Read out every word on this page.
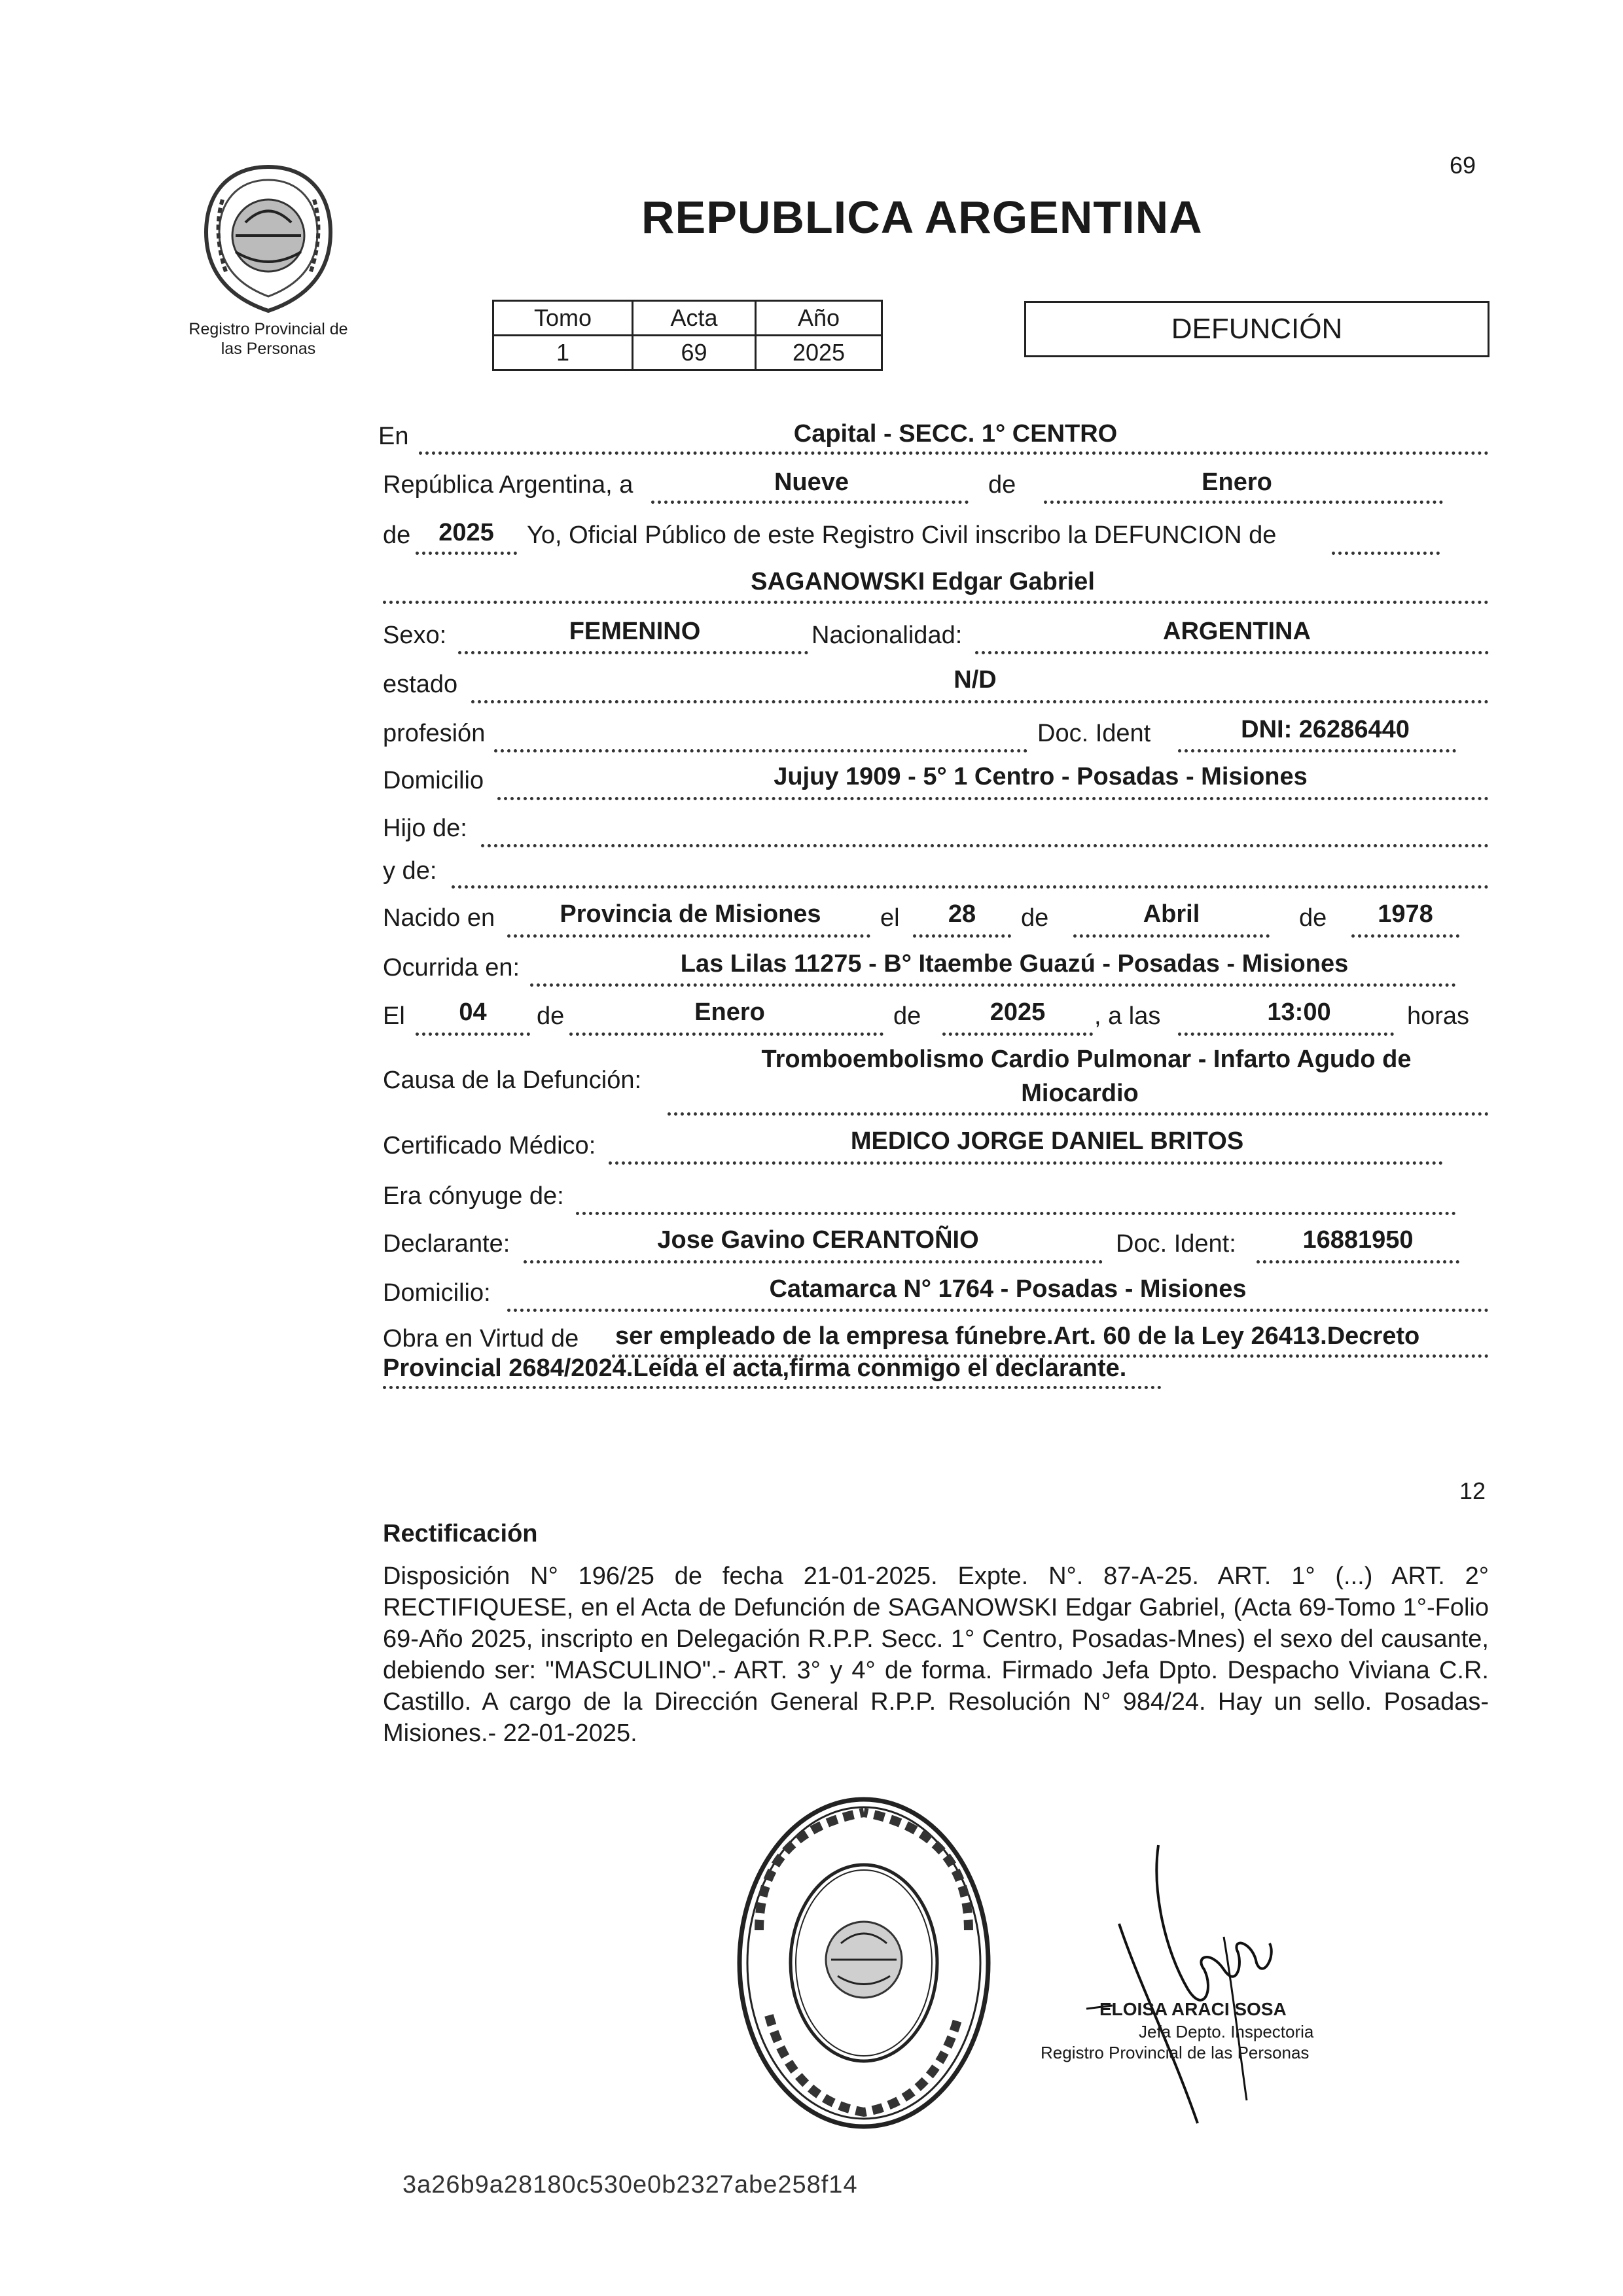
Registro Provincial de
las Personas
69
REPUBLICA ARGENTINA
Tomo	Acta	Año
1	69	2025
DEFUNCIÓN
En	Capital - SECC. 1° CENTRO
República Argentina, a	Nueve	de	Enero
de	2025	Yo, Oficial Público de este Registro Civil inscribo la DEFUNCION de
SAGANOWSKI Edgar Gabriel
Sexo:	FEMENINO	Nacionalidad:	ARGENTINA
estado	N/D
profesión	Doc. Ident	DNI: 26286440
Domicilio	Jujuy 1909 - 5° 1 Centro - Posadas - Misiones
Hijo de:
y de:
Nacido en	Provincia de Misiones	el	28	de	Abril	de	1978
Ocurrida en:	Las Lilas 11275 - B° Itaembe Guazú - Posadas - Misiones
El	04	de	Enero	de	2025	, a las	13:00	horas
Causa de la Defunción:
Tromboembolismo Cardio Pulmonar - Infarto Agudo de
Miocardio
Certificado Médico:	MEDICO JORGE DANIEL BRITOS
Era cónyuge de:
Declarante:	Jose Gavino CERANTOÑIO	Doc. Ident:	16881950
Domicilio:	Catamarca N° 1764 - Posadas - Misiones
Obra en Virtud de ser empleado de la empresa fúnebre.Art. 60 de la Ley 26413.Decreto
Provincial 2684/2024.Leída el acta,firma conmigo el declarante.
12
Rectificación
Disposición N° 196/25 de fecha 21-01-2025. Expte. N°. 87-A-25. ART. 1° (...) ART. 2° RECTIFIQUESE, en el Acta de Defunción de SAGANOWSKI Edgar Gabriel, (Acta 69-Tomo 1°-Folio 69-Año 2025, inscripto en Delegación R.P.P. Secc. 1° Centro, Posadas-Mnes) el sexo del causante, debiendo ser: "MASCULINO".- ART. 3° y 4° de forma. Firmado Jefa Dpto. Despacho Viviana C.R. Castillo. A cargo de la Dirección General R.P.P. Resolución N° 984/24. Hay un sello. Posadas-Misiones.- 22-01-2025.
ELOISA ARACI SOSA
Jefa Depto. Inspectoria
Registro Provincial de las Personas
3a26b9a28180c530e0b2327abe258f14
